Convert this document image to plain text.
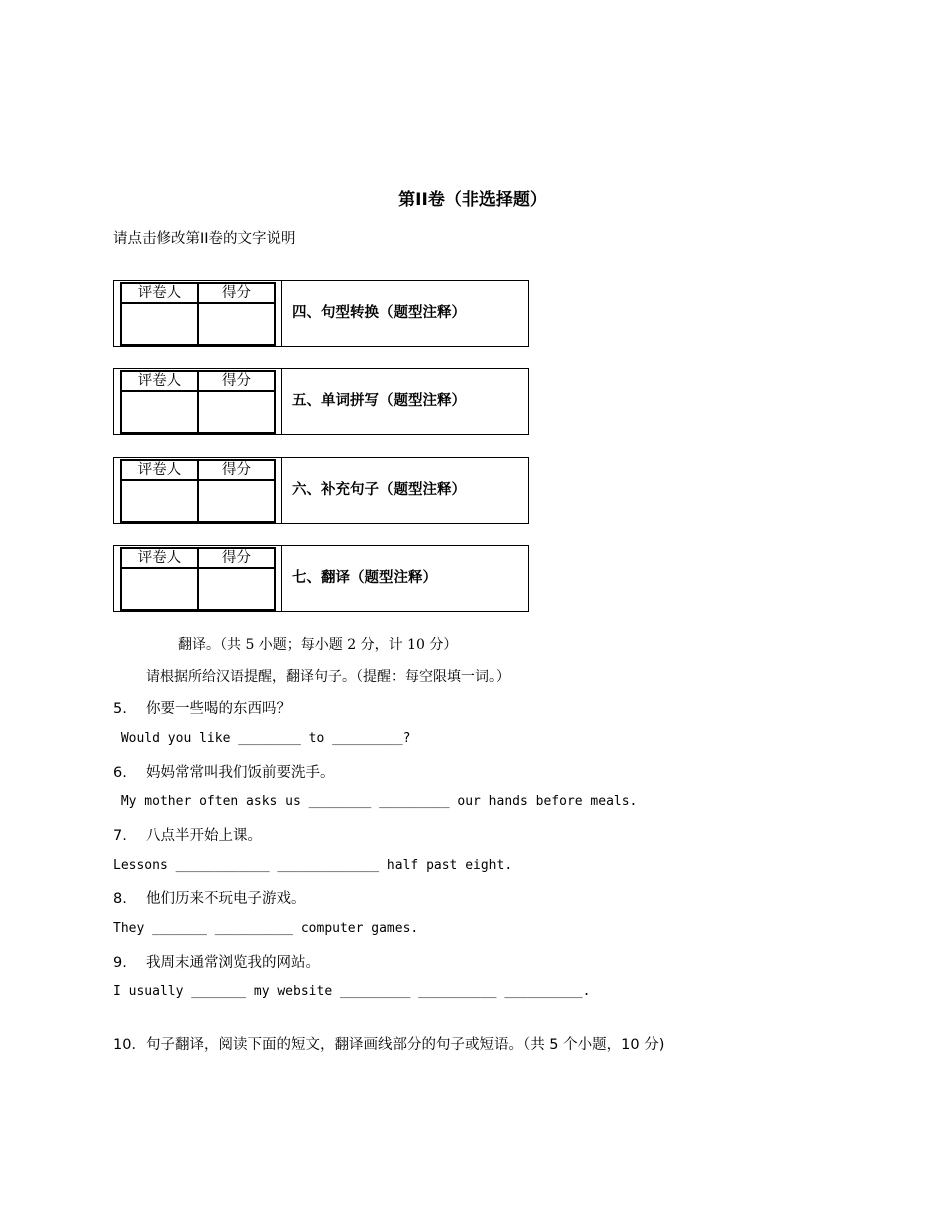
第II卷（非选择题）
请点击修改第II卷的文字说明
评卷人	得分
四、句型转换（题型注释）
评卷人	得分
五、单词拼写（题型注释）
评卷人	得分
六、补充句子（题型注释）
评卷人	得分
七、翻译（题型注释）
翻译。（共 5 小题；每小题 2 分，计 10 分）
请根据所给汉语提醒，翻译句子。（提醒：每空限填一词。）
5. 你要一些喝的东西吗？
Would you like ________ to _________?
6. 妈妈常常叫我们饭前要洗手。
My mother often asks us ________ _________ our hands before meals.
7. 八点半开始上课。
Lessons ____________ _____________ half past eight.
8. 他们历来不玩电子游戏。
They _______ __________ computer games.
9. 我周末通常浏览我的网站。
I usually _______ my website _________ __________ __________.
10．句子翻译，阅读下面的短文，翻译画线部分的句子或短语。（共 5 个小题，10 分)
